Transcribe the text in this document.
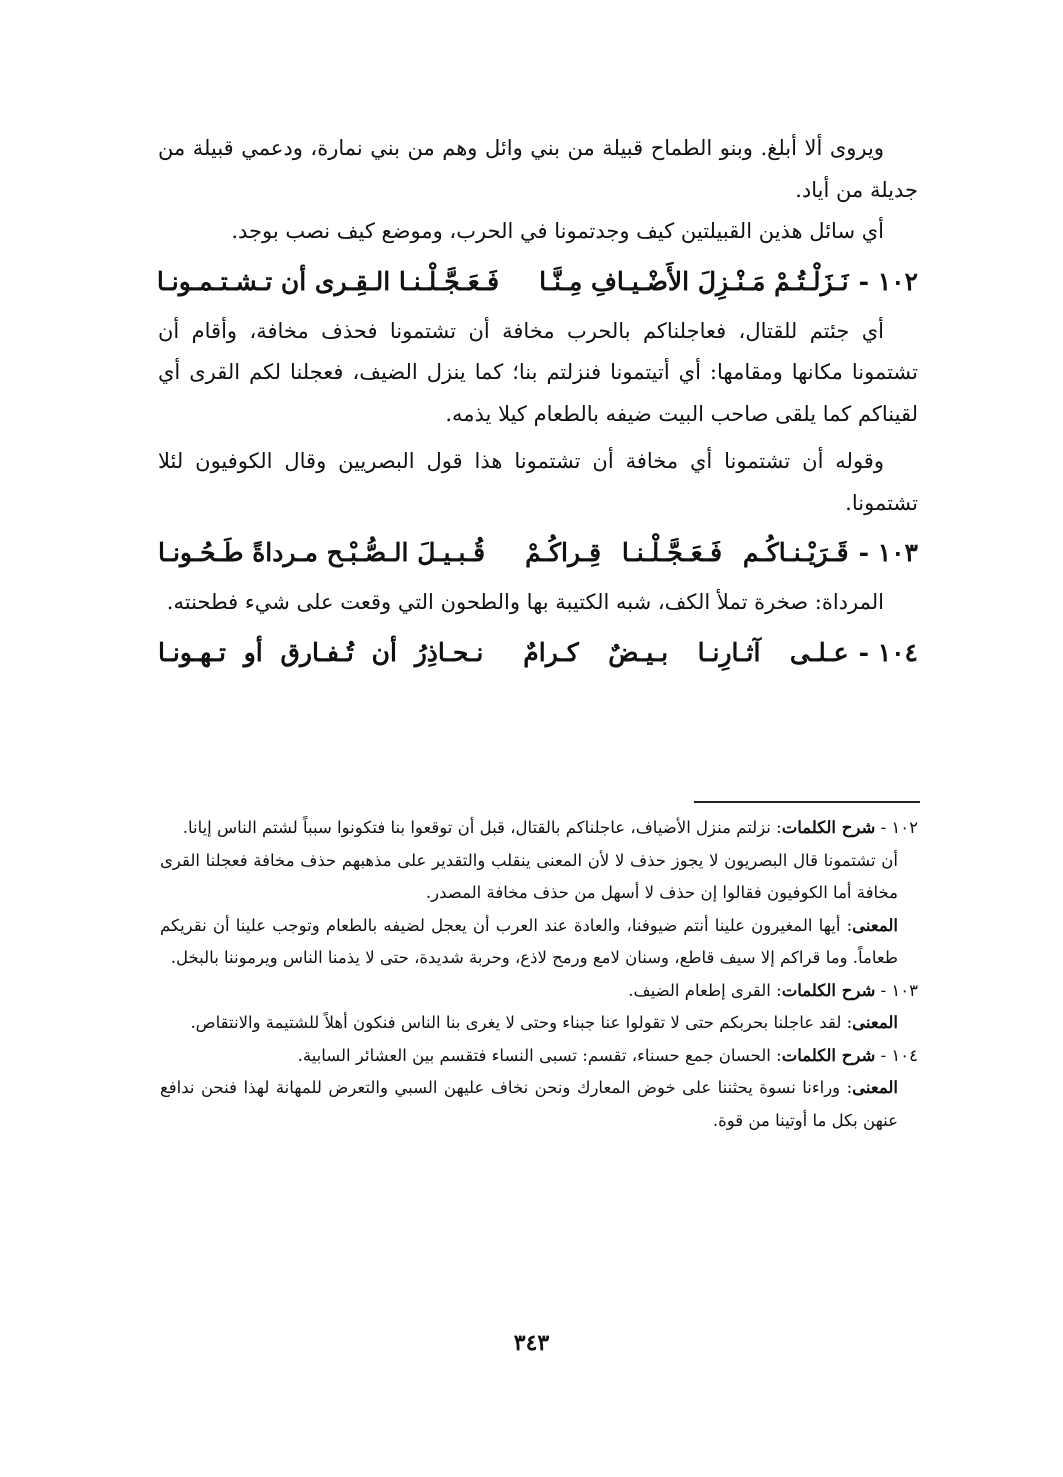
ويروى ألا أبلغ. وبنو الطماح قبيلة من بني وائل وهم من بني نمارة، ودعمي قبيلة من جديلة من أياد.

أي سائل هذين القبيلتين كيف وجدتمونا في الحرب، وموضع كيف نصب بوجد.

١٠٢ -
نَـزَلْـتُـمْ مَـنْـزِلَ الأَضْـيـافِ مِـنَّـا
فَـعَـجَّـلْـنـا الـقِـرى أن تـشـتـمـونـا

أي جئتم للقتال، فعاجلناكم بالحرب مخافة أن تشتمونا فحذف مخافة، وأقام أن تشتمونا مكانها ومقامها: أي أتيتمونا فنزلتم بنا؛ كما ينزل الضيف، فعجلنا لكم القرى أي لقيناكم كما يلقى صاحب البيت ضيفه بالطعام كيلا يذمه.

وقوله أن تشتمونا أي مخافة أن تشتمونا هذا قول البصريين وقال الكوفيون لئلا تشتمونا.

١٠٣ -
قَـرَيْـنـاكُـم فَـعَـجَّـلْـنـا قِـراكُـمْ
قُـبـيـلَ الـصُّـبْـح مـرداةً طَـحُـونـا

المرداة: صخرة تملأ الكف، شبه الكتيبة بها والطحون التي وقعت على شيء فطحنته.

١٠٤ -
عـلـى آثـارِنـا بـيـضٌ كـرامٌ
نـحـاذِرُ أن تُـفـارق أو تـهـونـا

١٠٢ - شرح الكلمات: نزلتم منزل الأضياف، عاجلناكم بالقتال، قبل أن توقعوا بنا فتكونوا سبباً لشتم الناس إيانا.

أن تشتمونا قال البصريون لا يجوز حذف لا لأن المعنى ينقلب والتقدير على مذهبهم حذف مخافة فعجلنا القرى مخافة أما الكوفيون فقالوا إن حذف لا أسهل من حذف مخافة المصدر.

المعنى: أيها المغيرون علينا أنتم ضيوفنا، والعادة عند العرب أن يعجل لضيفه بالطعام وتوجب علينا أن نقريكم طعاماً. وما قراكم إلا سيف قاطع، وسنان لامع ورمح لاذع، وحربة شديدة، حتى لا يذمنا الناس ويرموننا بالبخل.

١٠٣ - شرح الكلمات: القرى إطعام الضيف.

المعنى: لقد عاجلنا بحربكم حتى لا تقولوا عنا جبناء وحتى لا يغرى بنا الناس فنكون أهلاً للشتيمة والانتقاص.

١٠٤ - شرح الكلمات: الحسان جمع حسناء، تقسم: تسبى النساء فتقسم بين العشائر السابية.

المعنى: وراءنا نسوة يحثننا على خوض المعارك ونحن نخاف عليهن السبي والتعرض للمهانة لهذا فنحن ندافع عنهن بكل ما أوتينا من قوة.

٣٤٣
